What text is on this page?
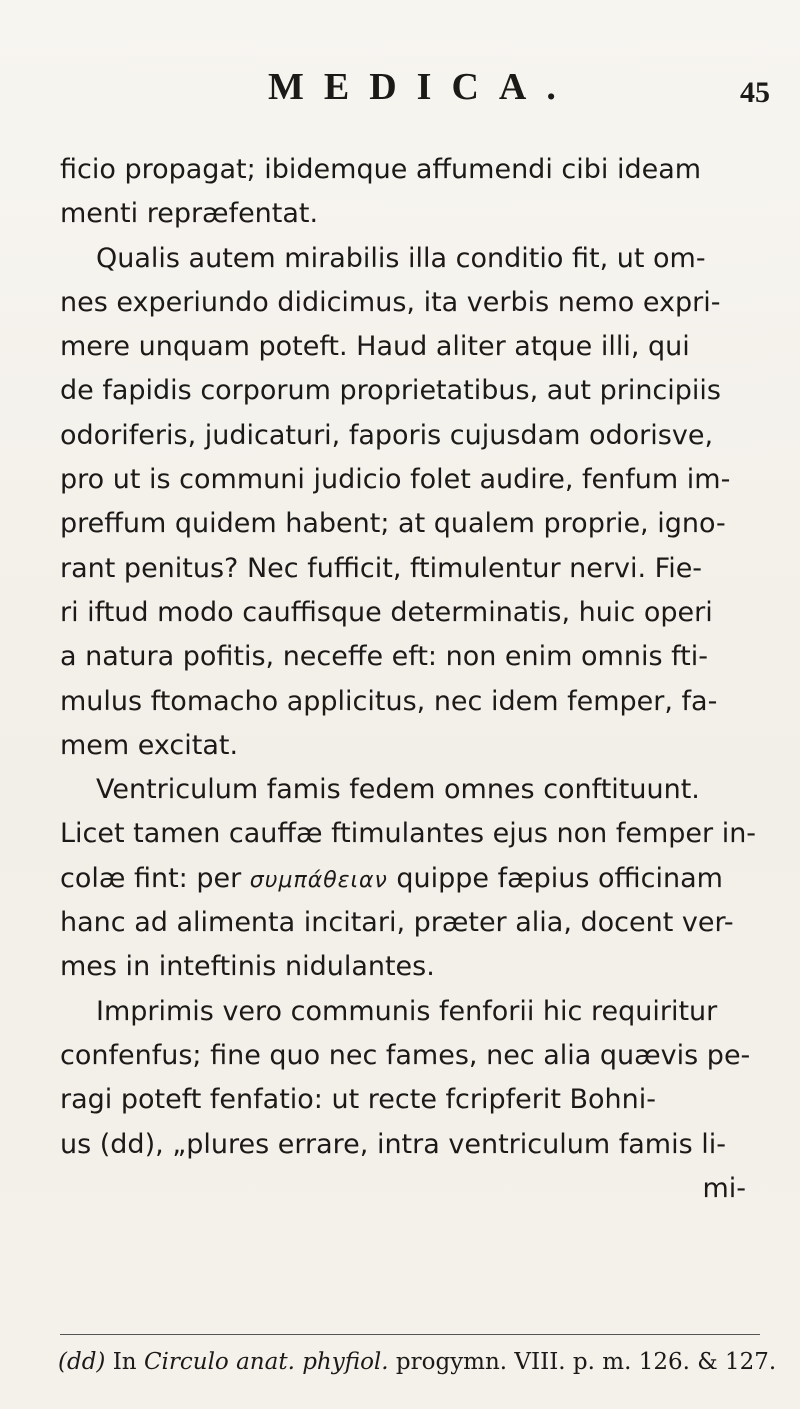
MEDICA.	45
ficio propagat; ibidemque affumendi cibi ideam
menti repræfentat.
Qualis autem mirabilis illa conditio fit, ut om-
nes experiundo didicimus, ita verbis nemo expri-
mere unquam poteft. Haud aliter atque illi, qui
de fapidis corporum proprietatibus, aut principiis
odoriferis, judicaturi, faporis cujusdam odorisve,
pro ut is communi judicio folet audire, fenfum im-
preffum quidem habent; at qualem proprie, igno-
rant penitus? Nec fufficit, ftimulentur nervi. Fie-
ri iftud modo cauffisque determinatis, huic operi
a natura pofitis, neceffe eft: non enim omnis fti-
mulus ftomacho applicitus, nec idem femper, fa-
mem excitat.
Ventriculum famis fedem omnes conftituunt.
Licet tamen cauffæ ftimulantes ejus non femper in-
colæ fint: per συμπάθειαν quippe fæpius officinam
hanc ad alimenta incitari, præter alia, docent ver-
mes in inteftinis nidulantes.
Imprimis vero communis fenforii hic requiritur
confenfus; fine quo nec fames, nec alia quævis pe-
ragi poteft fenfatio: ut recte fcripferit Bohni-
us (dd), „plures errare, intra ventriculum famis li-
mi-
(dd) In Circulo anat. phyfiol. progymn. VIII. p. m. 126. & 127.
